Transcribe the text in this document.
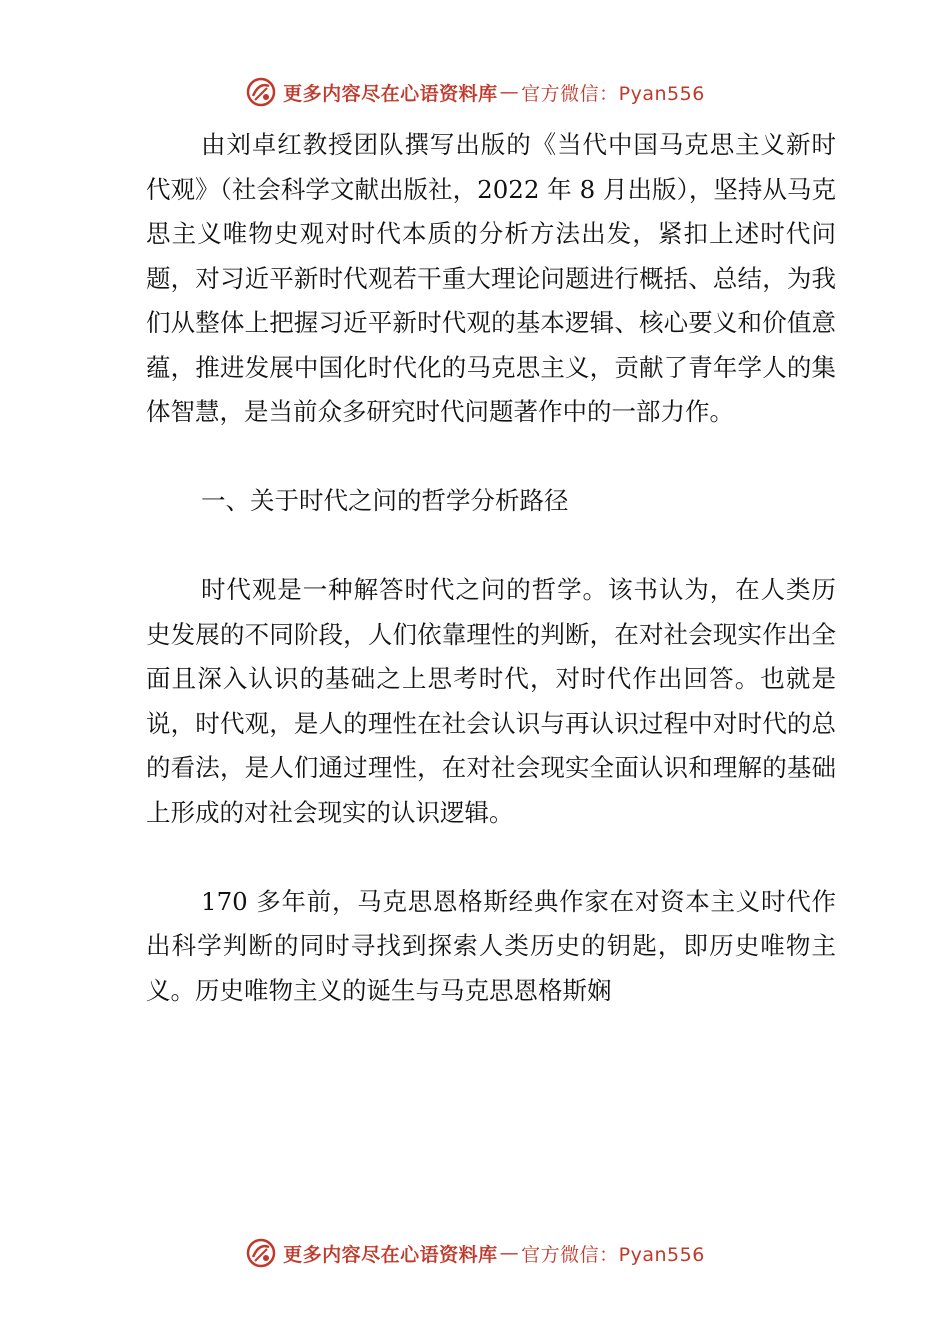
更多内容尽在心语资料库 — 官方微信：Pyan556

由刘卓红教授团队撰写出版的《当代中国马克思主义新时代观》（社会科学文献出版社，2022 年 8 月出版），坚持从马克思主义唯物史观对时代本质的分析方法出发，紧扣上述时代问题，对习近平新时代观若干重大理论问题进行概括、总结，为我们从整体上把握习近平新时代观的基本逻辑、核心要义和价值意蕴，推进发展中国化时代化的马克思主义，贡献了青年学人的集体智慧，是当前众多研究时代问题著作中的一部力作。

一、关于时代之问的哲学分析路径

时代观是一种解答时代之问的哲学。该书认为，在人类历史发展的不同阶段，人们依靠理性的判断，在对社会现实作出全面且深入认识的基础之上思考时代，对时代作出回答。也就是说，时代观，是人的理性在社会认识与再认识过程中对时代的总的看法，是人们通过理性，在对社会现实全面认识和理解的基础上形成的对社会现实的认识逻辑。

170 多年前，马克思恩格斯经典作家在对资本主义时代作出科学判断的同时寻找到探索人类历史的钥匙，即历史唯物主义。历史唯物主义的诞生与马克思恩格斯娴

更多内容尽在心语资料库 — 官方微信：Pyan556
